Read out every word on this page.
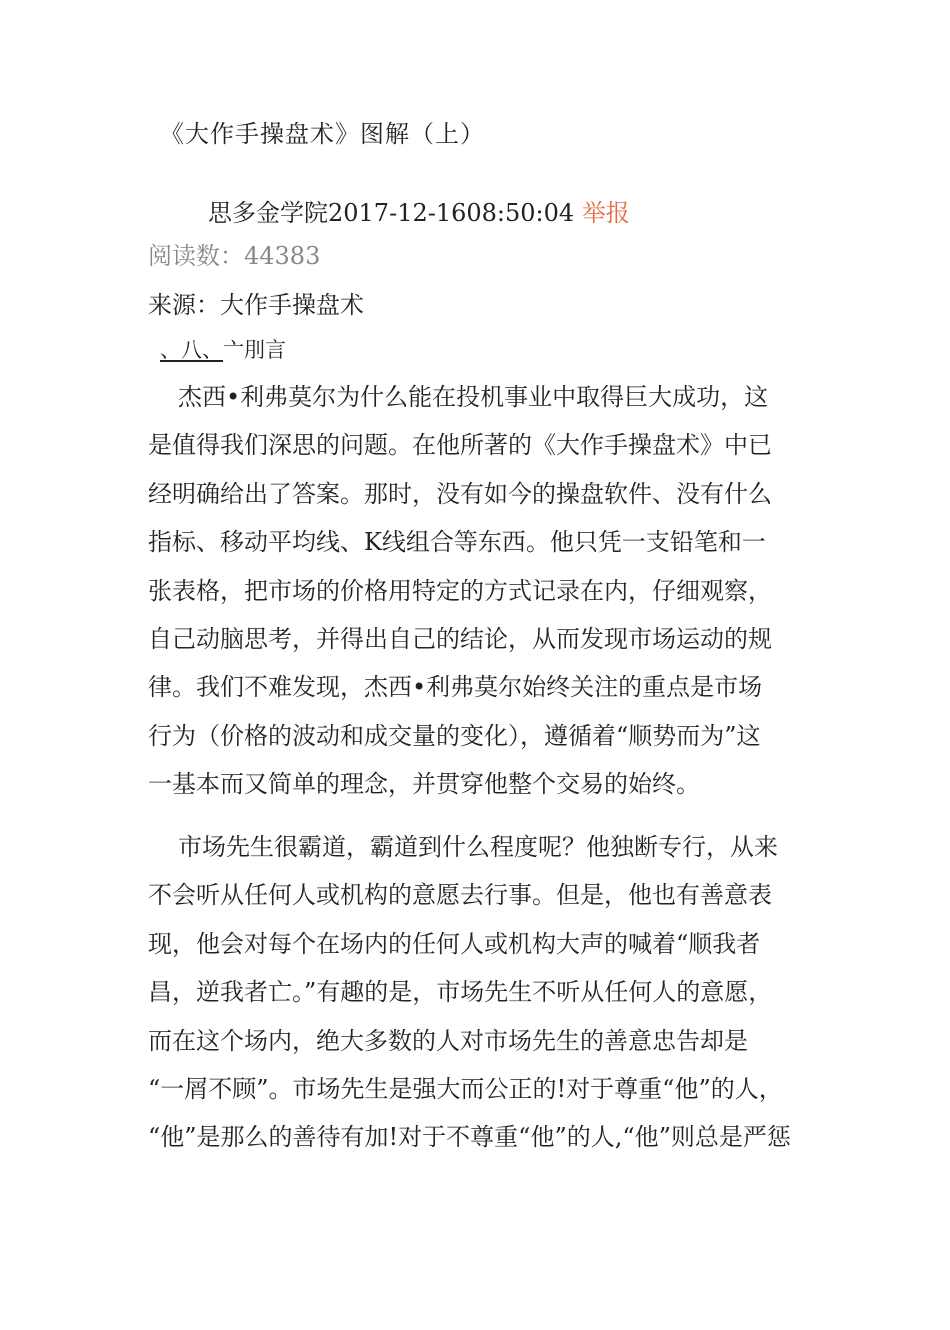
《大作手操盘术》图解（上）
思多金学院2017-12-1608:50:04 举报
阅读数：44383
来源：大作手操盘术
、八、亠刖言
杰西•利弗莫尔为什么能在投机事业中取得巨大成功，这
是值得我们深思的问题。在他所著的《大作手操盘术》中已
经明确给出了答案。那时，没有如今的操盘软件、没有什么
指标、移动平均线、K线组合等东西。他只凭一支铅笔和一
张表格，把市场的价格用特定的方式记录在内，仔细观察，
自己动脑思考，并得出自己的结论，从而发现市场运动的规
律。我们不难发现，杰西•利弗莫尔始终关注的重点是市场
行为（价格的波动和成交量的变化），遵循着“顺势而为”这
一基本而又简单的理念，并贯穿他整个交易的始终。
市场先生很霸道，霸道到什么程度呢？他独断专行，从来
不会听从任何人或机构的意愿去行事。但是，他也有善意表
现，他会对每个在场内的任何人或机构大声的喊着“顺我者
昌，逆我者亡。”有趣的是，市场先生不听从任何人的意愿，
而在这个场内，绝大多数的人对市场先生的善意忠告却是
“一屑不顾”。市场先生是强大而公正的!对于尊重“他”的人，
“他”是那么的善待有加!对于不尊重“他”的人,“他”则总是严惩
